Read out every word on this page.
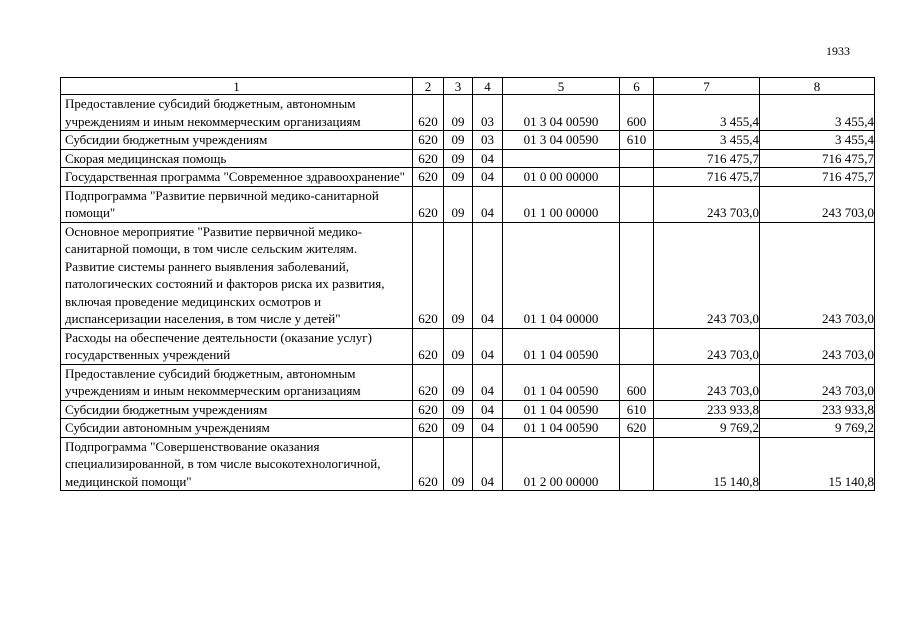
1933
1	2	3	4	5	6	7	8
Предоставление субсидий бюджетным, автономным учреждениям и иным некоммерческим организациям	620	09	03	01 3 04 00590	600	3 455,4	3 455,4
Субсидии бюджетным учреждениям	620	09	03	01 3 04 00590	610	3 455,4	3 455,4
Скорая медицинская помощь	620	09	04			716 475,7	716 475,7
Государственная программа "Современное здравоохранение"	620	09	04	01 0 00 00000		716 475,7	716 475,7
Подпрограмма "Развитие первичной медико-санитарной помощи"	620	09	04	01 1 00 00000		243 703,0	243 703,0
Основное мероприятие "Развитие первичной медико-санитарной помощи, в том числе сельским жителям. Развитие системы раннего выявления заболеваний, патологических состояний и факторов риска их развития, включая проведение медицинских осмотров и диспансеризации населения, в том числе у детей"	620	09	04	01 1 04 00000		243 703,0	243 703,0
Расходы на обеспечение деятельности (оказание услуг) государственных учреждений	620	09	04	01 1 04 00590		243 703,0	243 703,0
Предоставление субсидий бюджетным, автономным учреждениям и иным некоммерческим организациям	620	09	04	01 1 04 00590	600	243 703,0	243 703,0
Субсидии бюджетным учреждениям	620	09	04	01 1 04 00590	610	233 933,8	233 933,8
Субсидии автономным учреждениям	620	09	04	01 1 04 00590	620	9 769,2	9 769,2
Подпрограмма "Совершенствование оказания специализированной, в том числе высокотехнологичной, медицинской помощи"	620	09	04	01 2 00 00000		15 140,8	15 140,8
